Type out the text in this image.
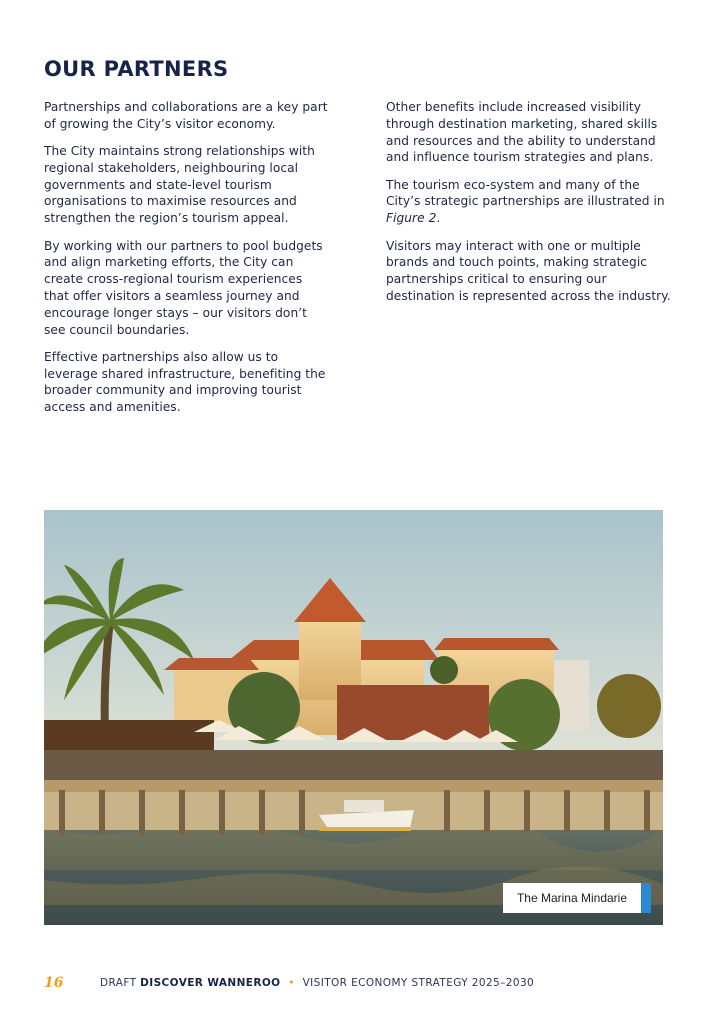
OUR PARTNERS

Partnerships and collaborations are a key part of growing the City’s visitor economy.

The City maintains strong relationships with regional stakeholders, neighbouring local governments and state-level tourism organisations to maximise resources and strengthen the region’s tourism appeal.

By working with our partners to pool budgets and align marketing efforts, the City can create cross-regional tourism experiences that offer visitors a seamless journey and encourage longer stays – our visitors don’t see council boundaries.

Effective partnerships also allow us to leverage shared infrastructure, benefiting the broader community and improving tourist access and amenities.

Other benefits include increased visibility through destination marketing, shared skills and resources and the ability to understand and influence tourism strategies and plans.

The tourism eco-system and many of the City’s strategic partnerships are illustrated in Figure 2.

Visitors may interact with one or multiple brands and touch points, making strategic partnerships critical to ensuring our destination is represented across the industry.

The Marina Mindarie
16	DRAFT DISCOVER WANNEROO • VISITOR ECONOMY STRATEGY 2025–2030
